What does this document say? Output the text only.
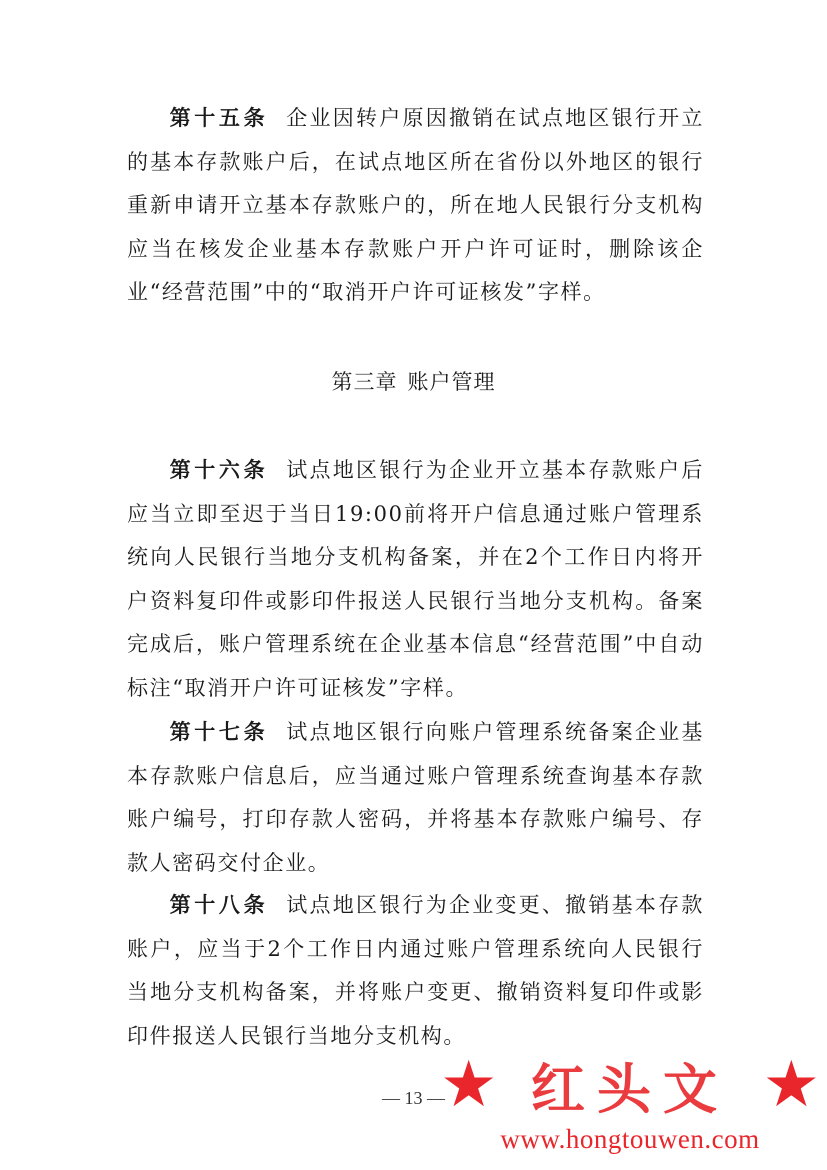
第十五条 企业因转户原因撤销在试点地区银行开立的基本存款账户后，在试点地区所在省份以外地区的银行重新申请开立基本存款账户的，所在地人民银行分支机构应当在核发企业基本存款账户开户许可证时，删除该企业“经营范围”中的“取消开户许可证核发”字样。

第三章 账户管理

第十六条 试点地区银行为企业开立基本存款账户后应当立即至迟于当日19:00前将开户信息通过账户管理系统向人民银行当地分支机构备案，并在2个工作日内将开户资料复印件或影印件报送人民银行当地分支机构。备案完成后，账户管理系统在企业基本信息“经营范围”中自动标注“取消开户许可证核发”字样。

第十七条 试点地区银行向账户管理系统备案企业基本存款账户信息后，应当通过账户管理系统查询基本存款账户编号，打印存款人密码，并将基本存款账户编号、存款人密码交付企业。

第十八条 试点地区银行为企业变更、撤销基本存款账户，应当于2个工作日内通过账户管理系统向人民银行当地分支机构备案，并将账户变更、撤销资料复印件或影印件报送人民银行当地分支机构。

★ 红头文 ★
www.hongtouwen.com
— 13 —
